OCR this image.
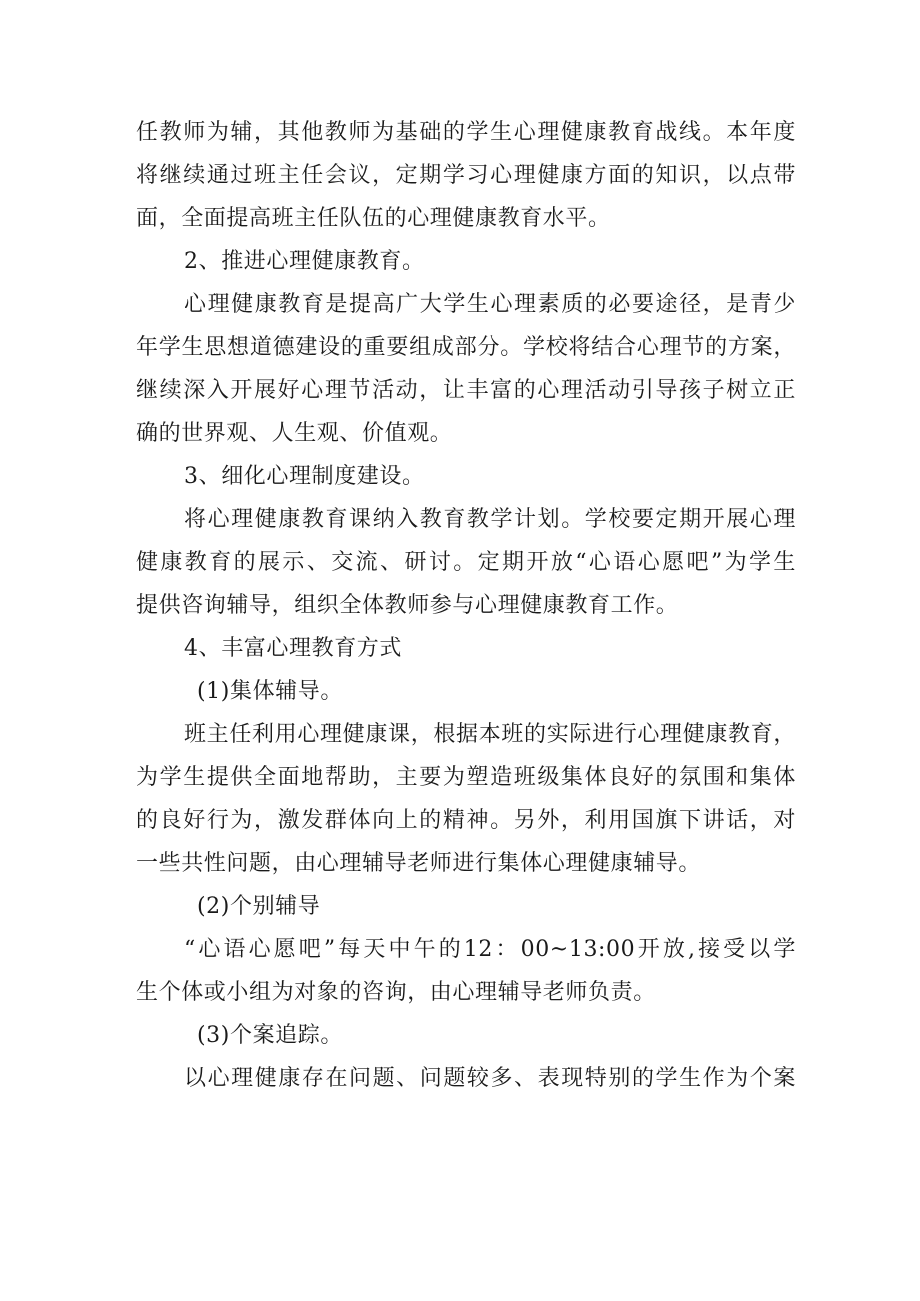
任教师为辅，其他教师为基础的学生心理健康教育战线。本年度
将继续通过班主任会议，定期学习心理健康方面的知识，以点带
面，全面提高班主任队伍的心理健康教育水平。
2、推进心理健康教育。
心理健康教育是提高广大学生心理素质的必要途径，是青少
年学生思想道德建设的重要组成部分。学校将结合心理节的方案，
继续深入开展好心理节活动，让丰富的心理活动引导孩子树立正
确的世界观、人生观、价值观。
3、细化心理制度建设。
将心理健康教育课纳入教育教学计划。学校要定期开展心理
健康教育的展示、交流、研讨。定期开放“心语心愿吧”为学生
提供咨询辅导，组织全体教师参与心理健康教育工作。
4、丰富心理教育方式
(1)集体辅导。
班主任利用心理健康课，根据本班的实际进行心理健康教育，
为学生提供全面地帮助，主要为塑造班级集体良好的氛围和集体
的良好行为，激发群体向上的精神。另外，利用国旗下讲话，对
一些共性问题，由心理辅导老师进行集体心理健康辅导。
(2)个别辅导
“心语心愿吧”每天中午的12：00~13:00开放,接受以学
生个体或小组为对象的咨询，由心理辅导老师负责。
(3)个案追踪。
以心理健康存在问题、问题较多、表现特别的学生作为个案
